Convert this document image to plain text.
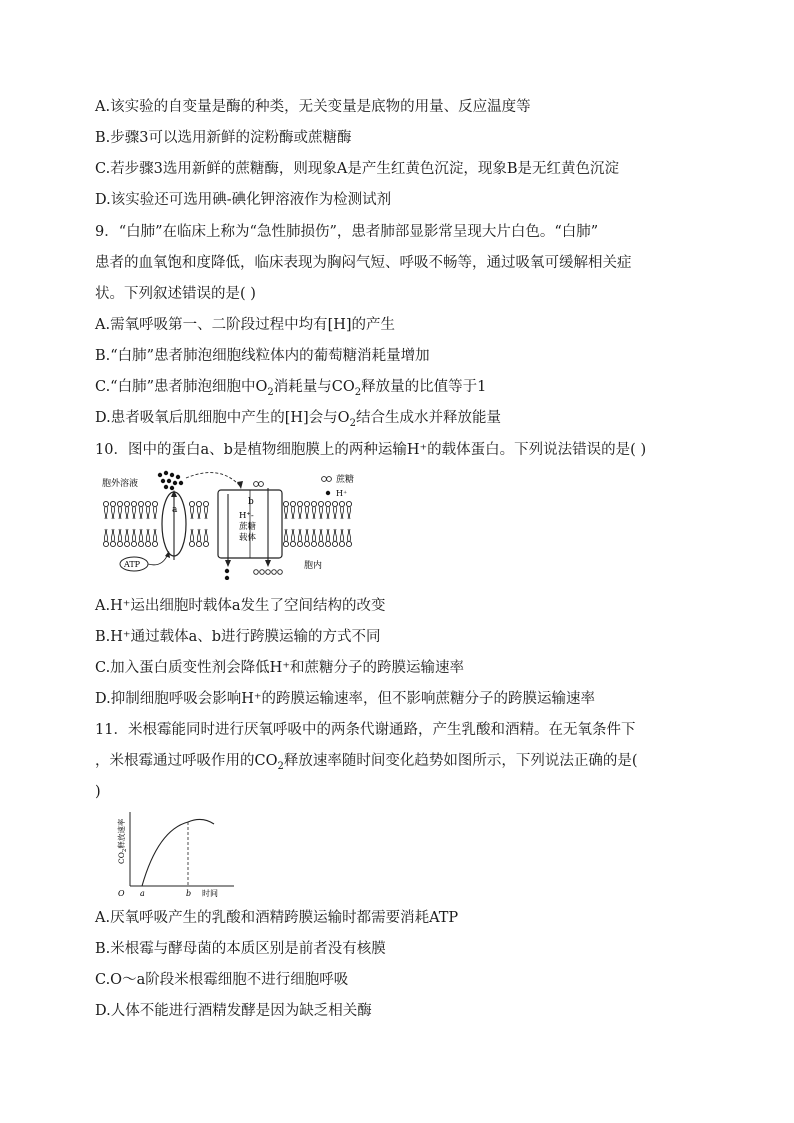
A.该实验的自变量是酶的种类，无关变量是底物的用量、反应温度等
B.步骤3可以选用新鲜的淀粉酶或蔗糖酶
C.若步骤3选用新鲜的蔗糖酶，则现象A是产生红黄色沉淀，现象B是无红黄色沉淀
D.该实验还可选用碘-碘化钾溶液作为检测试剂
9．“白肺”在临床上称为“急性肺损伤”，患者肺部显影常呈现大片白色。“白肺”
患者的血氧饱和度降低，临床表现为胸闷气短、呼吸不畅等，通过吸氧可缓解相关症
状。下列叙述错误的是( )
A.需氧呼吸第一、二阶段过程中均有[H]的产生
B.“白肺”患者肺泡细胞线粒体内的葡萄糖消耗量增加
C.“白肺”患者肺泡细胞中$O_2$消耗量与$CO_2$释放量的比值等于1
D.患者吸氧后肌细胞中产生的[H]会与$O_2$结合生成水并释放能量
10．图中的蛋白a、b是植物细胞膜上的两种运输H⁺的载体蛋白。下列说法错误的是( )
a
ATP
b
H⁺-
蔗糖
载体
胞外溶液
胞内
蔗糖
H⁺
A.H⁺运出细胞时载体a发生了空间结构的改变
B.H⁺通过载体a、b进行跨膜运输的方式不同
C.加入蛋白质变性剂会降低H⁺和蔗糖分子的跨膜运输速率
D.抑制细胞呼吸会影响H⁺的跨膜运输速率，但不影响蔗糖分子的跨膜运输速率
11．米根霉能同时进行厌氧呼吸中的两条代谢通路，产生乳酸和酒精。在无氧条件下
，米根霉通过呼吸作用的$CO_2$释放速率随时间变化趋势如图所示，下列说法正确的是(
)
O a	b 时间
$CO_2$释放速率
A.厌氧呼吸产生的乳酸和酒精跨膜运输时都需要消耗ATP
B.米根霉与酵母菌的本质区别是前者没有核膜
C.O～a阶段米根霉细胞不进行细胞呼吸
D.人体不能进行酒精发酵是因为缺乏相关酶
